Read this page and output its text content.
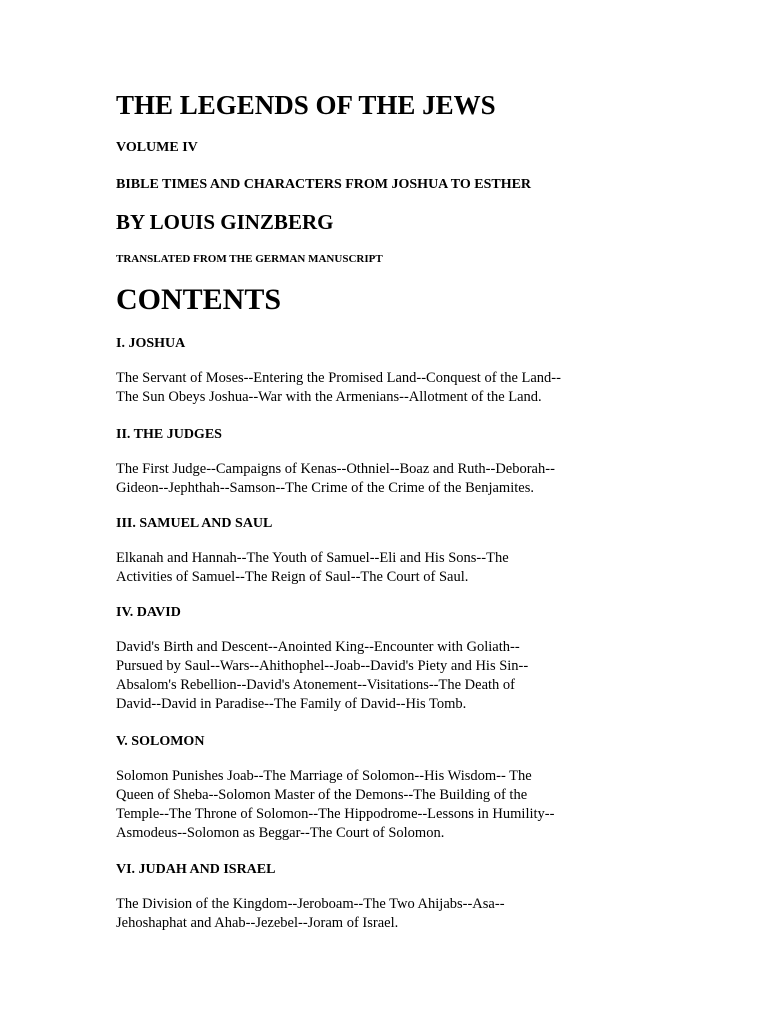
THE LEGENDS OF THE JEWS
VOLUME IV
BIBLE TIMES AND CHARACTERS FROM JOSHUA TO ESTHER
BY LOUIS GINZBERG
TRANSLATED FROM THE GERMAN MANUSCRIPT
CONTENTS
I. JOSHUA

The Servant of Moses--Entering the Promised Land--Conquest of the Land--
The Sun Obeys Joshua--War with the Armenians--Allotment of the Land.

II. THE JUDGES

The First Judge--Campaigns of Kenas--Othniel--Boaz and Ruth--Deborah--
Gideon--Jephthah--Samson--The Crime of the Crime of the Benjamites.

III. SAMUEL AND SAUL

Elkanah and Hannah--The Youth of Samuel--Eli and His Sons--The
Activities of Samuel--The Reign of Saul--The Court of Saul.

IV. DAVID

David's Birth and Descent--Anointed King--Encounter with Goliath--
Pursued by Saul--Wars--Ahithophel--Joab--David's Piety and His Sin--
Absalom's Rebellion--David's Atonement--Visitations--The Death of
David--David in Paradise--The Family of David--His Tomb.

V. SOLOMON

Solomon Punishes Joab--The Marriage of Solomon--His Wisdom-- The
Queen of Sheba--Solomon Master of the Demons--The Building of the
Temple--The Throne of Solomon--The Hippodrome--Lessons in Humility--
Asmodeus--Solomon as Beggar--The Court of Solomon.

VI. JUDAH AND ISRAEL

The Division of the Kingdom--Jeroboam--The Two Ahijabs--Asa--
Jehoshaphat and Ahab--Jezebel--Joram of Israel.
